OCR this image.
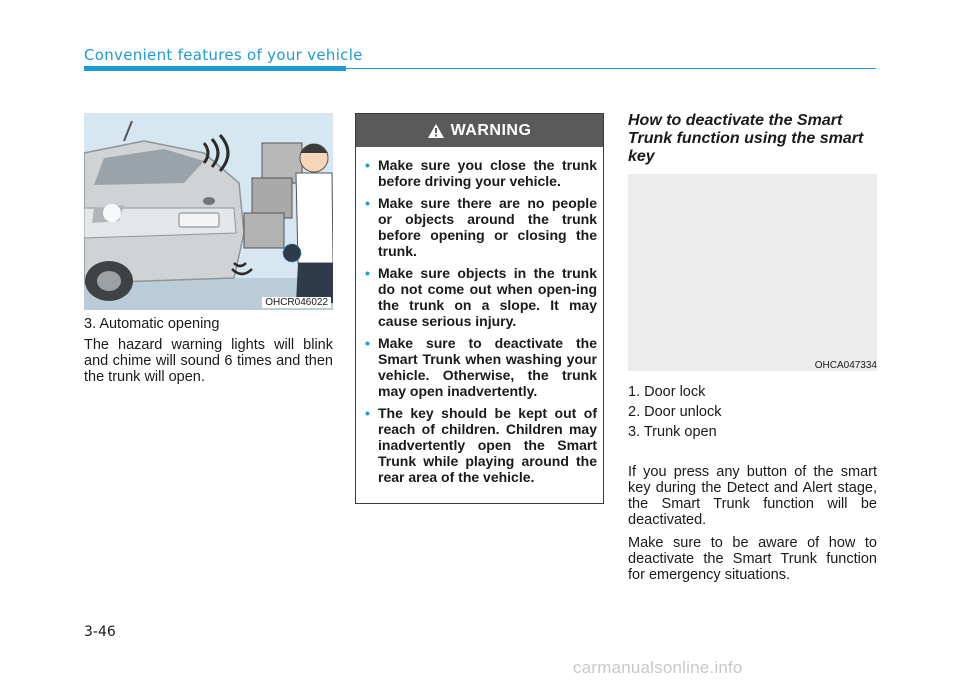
Convenient features of your vehicle
OHCR046022
3. Automatic opening
The hazard warning lights will blink and chime will sound 6 times and then the trunk will open.
WARNING
• Make sure you close the trunk before driving your vehicle.
• Make sure there are no people or objects around the trunk before opening or closing the trunk.
• Make sure objects in the trunk do not come out when open-ing the trunk on a slope. It may cause serious injury.
• Make sure to deactivate the Smart Trunk when washing your vehicle. Otherwise, the trunk may open inadvertently.
• The key should be kept out of reach of children. Children may inadvertently open the Smart Trunk while playing around the rear area of the vehicle.
How to deactivate the Smart Trunk function using the smart key
OHCA047334
1. Door lock
2. Door unlock
3. Trunk open
If you press any button of the smart key during the Detect and Alert stage, the Smart Trunk function will be deactivated.
Make sure to be aware of how to deactivate the Smart Trunk function for emergency situations.
3-46
carmanualsonline.info
